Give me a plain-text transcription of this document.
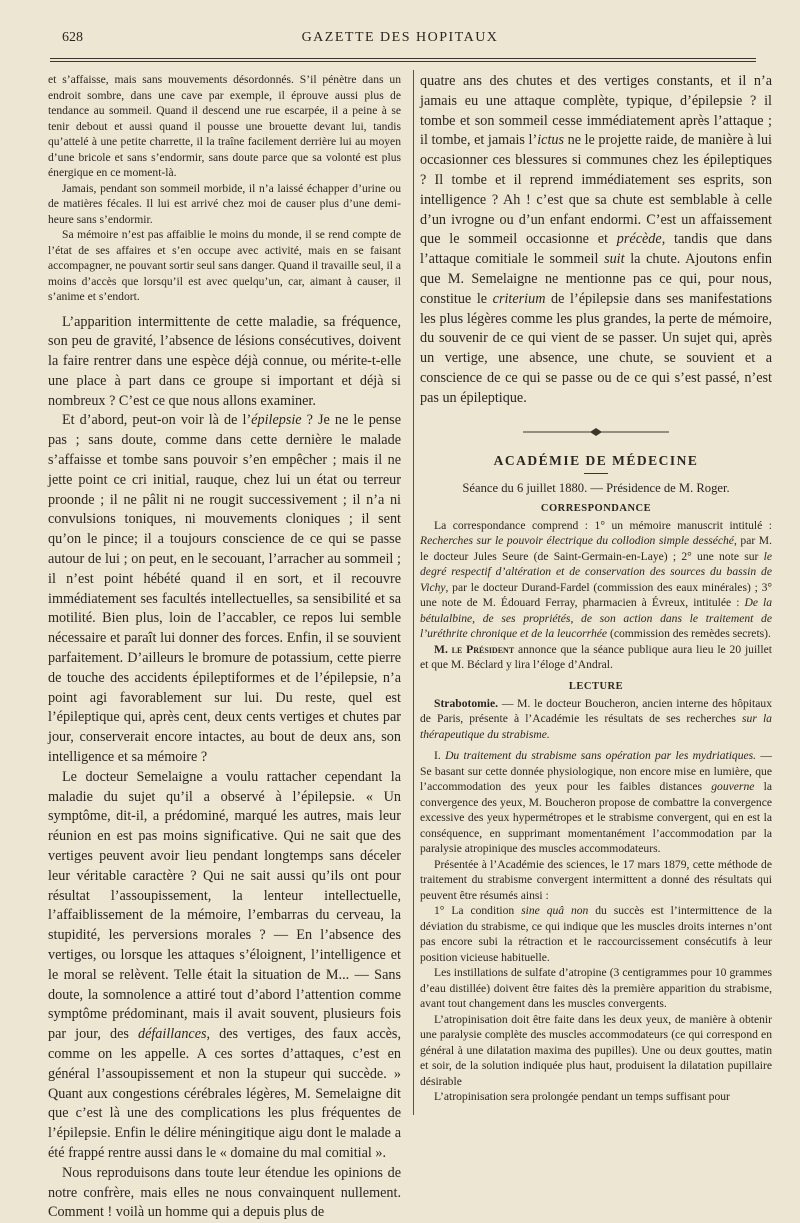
628	GAZETTE DES HOPITAUX

et s’affaisse, mais sans mouvements désordonnés. S’il pénètre dans un endroit sombre, dans une cave par exemple, il éprouve aussi plus de tendance au sommeil. Quand il descend une rue escarpée, il a peine à se tenir debout et aussi quand il pousse une brouette devant lui, tandis qu’attelé à une petite charrette, il la traîne facilement derrière lui au moyen d’une bricole et sans s’endormir, sans doute parce que sa volonté est plus énergique en ce moment-là.

Jamais, pendant son sommeil morbide, il n’a laissé échapper d’urine ou de matières fécales. Il lui est arrivé chez moi de causer plus d’une demi-heure sans s’endormir.

Sa mémoire n’est pas affaiblie le moins du monde, il se rend compte de l’état de ses affaires et s’en occupe avec activité, mais en se faisant accompagner, ne pouvant sortir seul sans danger. Quand il travaille seul, il a moins d’accès que lorsqu’il est avec quelqu’un, car, aimant à causer, il s’anime et s’endort.

L’apparition intermittente de cette maladie, sa fréquence, son peu de gravité, l’absence de lésions consécutives, doivent la faire rentrer dans une espèce déjà connue, ou mérite-t-elle une place à part dans ce groupe si important et déjà si nombreux ? C’est ce que nous allons examiner.

Et d’abord, peut-on voir là de l’épilepsie ? Je ne le pense pas ; sans doute, comme dans cette dernière le malade s’affaisse et tombe sans pouvoir s’en empêcher ; mais il ne jette point ce cri initial, rauque, chez lui un état ou terreur proonde ; il ne pâlit ni ne rougit successivement ; il n’a ni convulsions toniques, ni mouvements cloniques ; il sent qu’on le pince; il a toujours conscience de ce qui se passe autour de lui ; on peut, en le secouant, l’arracher au sommeil ; il n’est point hébété quand il en sort, et il recouvre immédiatement ses facultés intellectuelles, sa sensibilité et sa motilité. Bien plus, loin de l’accabler, ce repos lui semble nécessaire et paraît lui donner des forces. Enfin, il se souvient parfaitement. D’ailleurs le bromure de potassium, cette pierre de touche des accidents épileptiformes et de l’épilepsie, n’a point agi favorablement sur lui. Du reste, quel est l’épileptique qui, après cent, deux cents vertiges et chutes par jour, conserverait encore intactes, au bout de deux ans, son intelligence et sa mémoire ?

Le docteur Semelaigne a voulu rattacher cependant la maladie du sujet qu’il a observé à l’épilepsie. « Un symptôme, dit-il, a prédominé, marqué les autres, mais leur réunion en est pas moins significative. Qui ne sait que des vertiges peuvent avoir lieu pendant longtemps sans déceler leur véritable caractère ? Qui ne sait aussi qu’ils ont pour résultat l’assoupissement, la lenteur intellectuelle, l’affaiblissement de la mémoire, l’embarras du cerveau, la stupidité, les perversions morales ? — En l’absence des vertiges, ou lorsque les attaques s’éloignent, l’intelligence et le moral se relèvent. Telle était la situation de M... — Sans doute, la somnolence a attiré tout d’abord l’attention comme symptôme prédominant, mais il avait souvent, plusieurs fois par jour, des défaillances, des vertiges, des faux accès, comme on les appelle. A ces sortes d’attaques, c’est en général l’assoupissement et non la stupeur qui succède. » Quant aux congestions cérébrales légères, M. Semelaigne dit que c’est là une des complications les plus fréquentes de l’épilepsie. Enfin le délire méningitique aigu dont le malade a été frappé rentre aussi dans le « domaine du mal comitial ».

Nous reproduisons dans toute leur étendue les opinions de notre confrère, mais elles ne nous convainquent nullement. Comment ! voilà un homme qui a depuis plus de

quatre ans des chutes et des vertiges constants, et il n’a jamais eu une attaque complète, typique, d’épilepsie ? il tombe et son sommeil cesse immédiatement après l’attaque ; il tombe, et jamais l’ictus ne le projette raide, de manière à lui occasionner ces blessures si communes chez les épileptiques ? Il tombe et il reprend immédiatement ses esprits, son intelligence ? Ah ! c’est que sa chute est semblable à celle d’un ivrogne ou d’un enfant endormi. C’est un affaissement que le sommeil occasionne et précède, tandis que dans l’attaque comitiale le sommeil suit la chute. Ajoutons enfin que M. Semelaigne ne mentionne pas ce qui, pour nous, constitue le criterium de l’épilepsie dans ses manifestations les plus légères comme les plus grandes, la perte de mémoire, du souvenir de ce qui vient de se passer. Un sujet qui, après un vertige, une absence, une chute, se souvient et a conscience de ce qui se passe ou de ce qui s’est passé, n’est pas un épileptique.

ACADÉMIE DE MÉDECINE

Séance du 6 juillet 1880. — Présidence de M. Roger.

CORRESPONDANCE

La correspondance comprend : 1° un mémoire manuscrit intitulé : Recherches sur le pouvoir électrique du collodion simple desséché, par M. le docteur Jules Seure (de Saint-Germain-en-Laye) ; 2° une note sur le degré respectif d’altération et de conservation des sources du bassin de Vichy, par le docteur Durand-Fardel (commission des eaux minérales) ; 3° une note de M. Édouard Ferray, pharmacien à Évreux, intitulée : De la bétulalbine, de ses propriétés, de son action dans le traitement de l’uréthrite chronique et de la leucorrhée (commission des remèdes secrets).

M. le Président annonce que la séance publique aura lieu le 20 juillet et que M. Béclard y lira l’éloge d’Andral.

LECTURE

Strabotomie. — M. le docteur Boucheron, ancien interne des hôpitaux de Paris, présente à l’Académie les résultats de ses recherches sur la thérapeutique du strabisme.

I. Du traitement du strabisme sans opération par les mydriatiques. — Se basant sur cette donnée physiologique, non encore mise en lumière, que l’accommodation des yeux pour les faibles distances gouverne la convergence des yeux, M. Boucheron propose de combattre la convergence excessive des yeux hypermétropes et le strabisme convergent, qui en est la conséquence, en supprimant momentanément l’accommodation par la paralysie atropinique des muscles accommodateurs.

Présentée à l’Académie des sciences, le 17 mars 1879, cette méthode de traitement du strabisme convergent intermittent a donné des résultats qui peuvent être résumés ainsi :

1° La condition sine quâ non du succès est l’intermittence de la déviation du strabisme, ce qui indique que les muscles droits internes n’ont pas encore subi la rétraction et le raccourcissement consécutifs à leur position vicieuse habituelle.

Les instillations de sulfate d’atropine (3 centigrammes pour 10 grammes d’eau distillée) doivent être faites dès la première apparition du strabisme, avant tout changement dans les muscles convergents.

L’atropinisation doit être faite dans les deux yeux, de manière à obtenir une paralysie complète des muscles accommodateurs (ce qui correspond en général à une dilatation maxima des pupilles). Une ou deux gouttes, matin et soir, de la solution indiquée plus haut, produisent la dilatation pupillaire désirable

L’atropinisation sera prolongée pendant un temps suffisant pour
